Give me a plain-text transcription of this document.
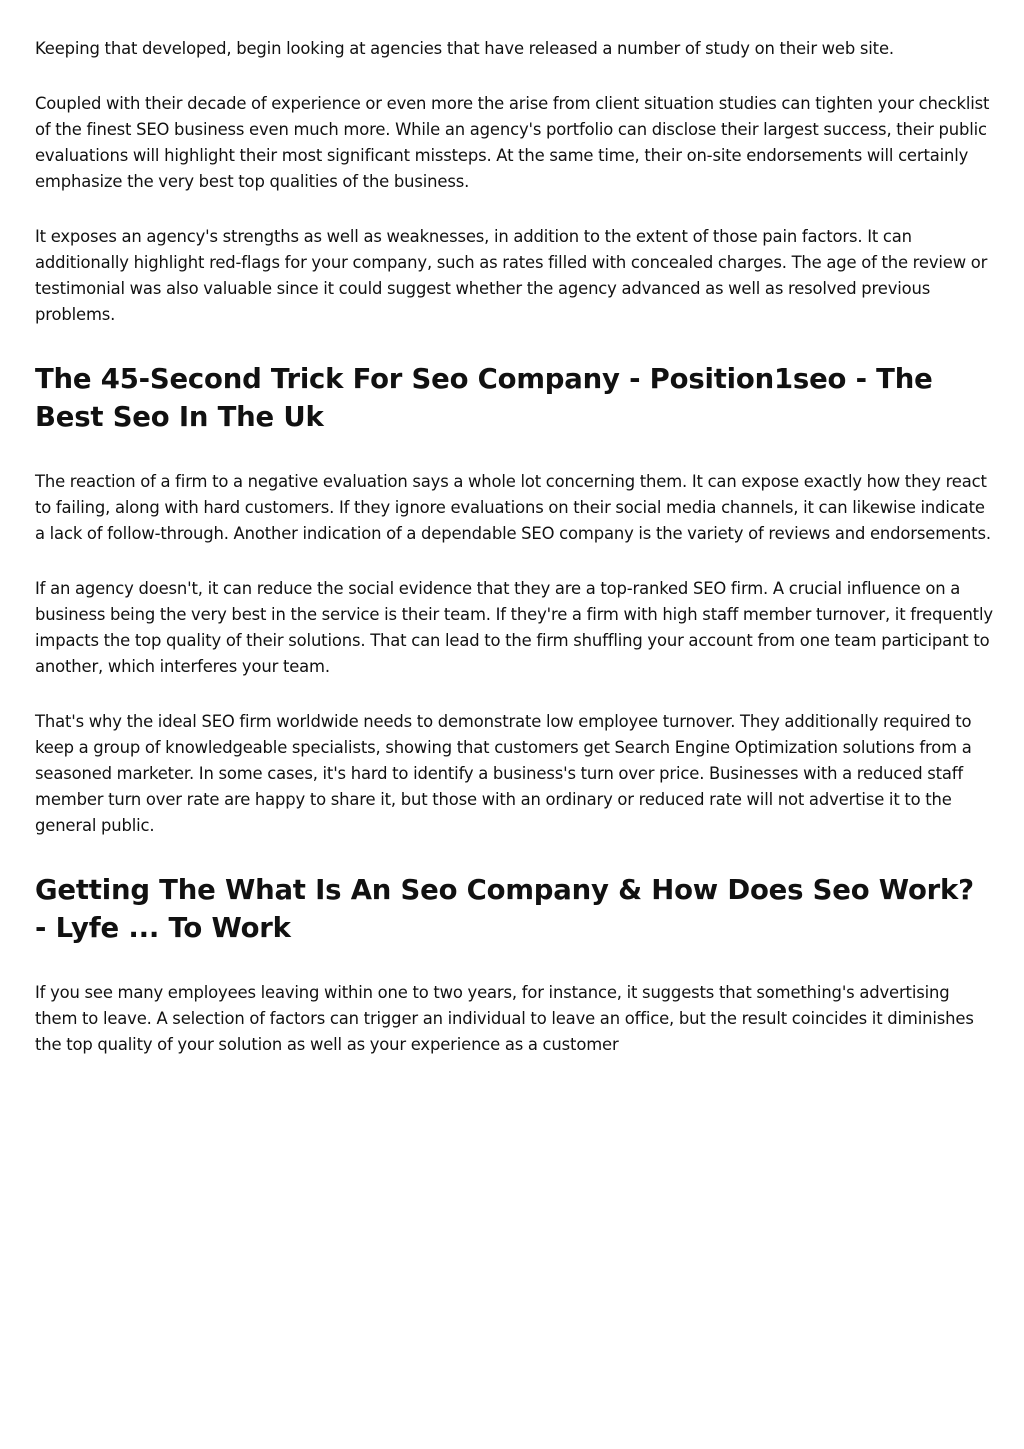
Keeping that developed, begin looking at agencies that have released a number of study on their web site.

Coupled with their decade of experience or even more the arise from client situation studies can tighten your checklist of the finest SEO business even much more. While an agency's portfolio can disclose their largest success, their public evaluations will highlight their most significant missteps. At the same time, their on-site endorsements will certainly emphasize the very best top qualities of the business.

It exposes an agency's strengths as well as weaknesses, in addition to the extent of those pain factors. It can additionally highlight red-flags for your company, such as rates filled with concealed charges. The age of the review or testimonial was also valuable since it could suggest whether the agency advanced as well as resolved previous problems.

The 45-Second Trick For Seo Company - Position1seo - The Best Seo In The Uk

The reaction of a firm to a negative evaluation says a whole lot concerning them. It can expose exactly how they react to failing, along with hard customers. If they ignore evaluations on their social media channels, it can likewise indicate a lack of follow-through. Another indication of a dependable SEO company is the variety of reviews and endorsements.

If an agency doesn't, it can reduce the social evidence that they are a top-ranked SEO firm. A crucial influence on a business being the very best in the service is their team. If they're a firm with high staff member turnover, it frequently impacts the top quality of their solutions. That can lead to the firm shuffling your account from one team participant to another, which interferes your team.

That's why the ideal SEO firm worldwide needs to demonstrate low employee turnover. They additionally required to keep a group of knowledgeable specialists, showing that customers get Search Engine Optimization solutions from a seasoned marketer. In some cases, it's hard to identify a business's turn over price. Businesses with a reduced staff member turn over rate are happy to share it, but those with an ordinary or reduced rate will not advertise it to the general public.

Getting The What Is An Seo Company & How Does Seo Work? - Lyfe ... To Work

If you see many employees leaving within one to two years, for instance, it suggests that something's advertising them to leave. A selection of factors can trigger an individual to leave an office, but the result coincides it diminishes the top quality of your solution as well as your experience as a customer
